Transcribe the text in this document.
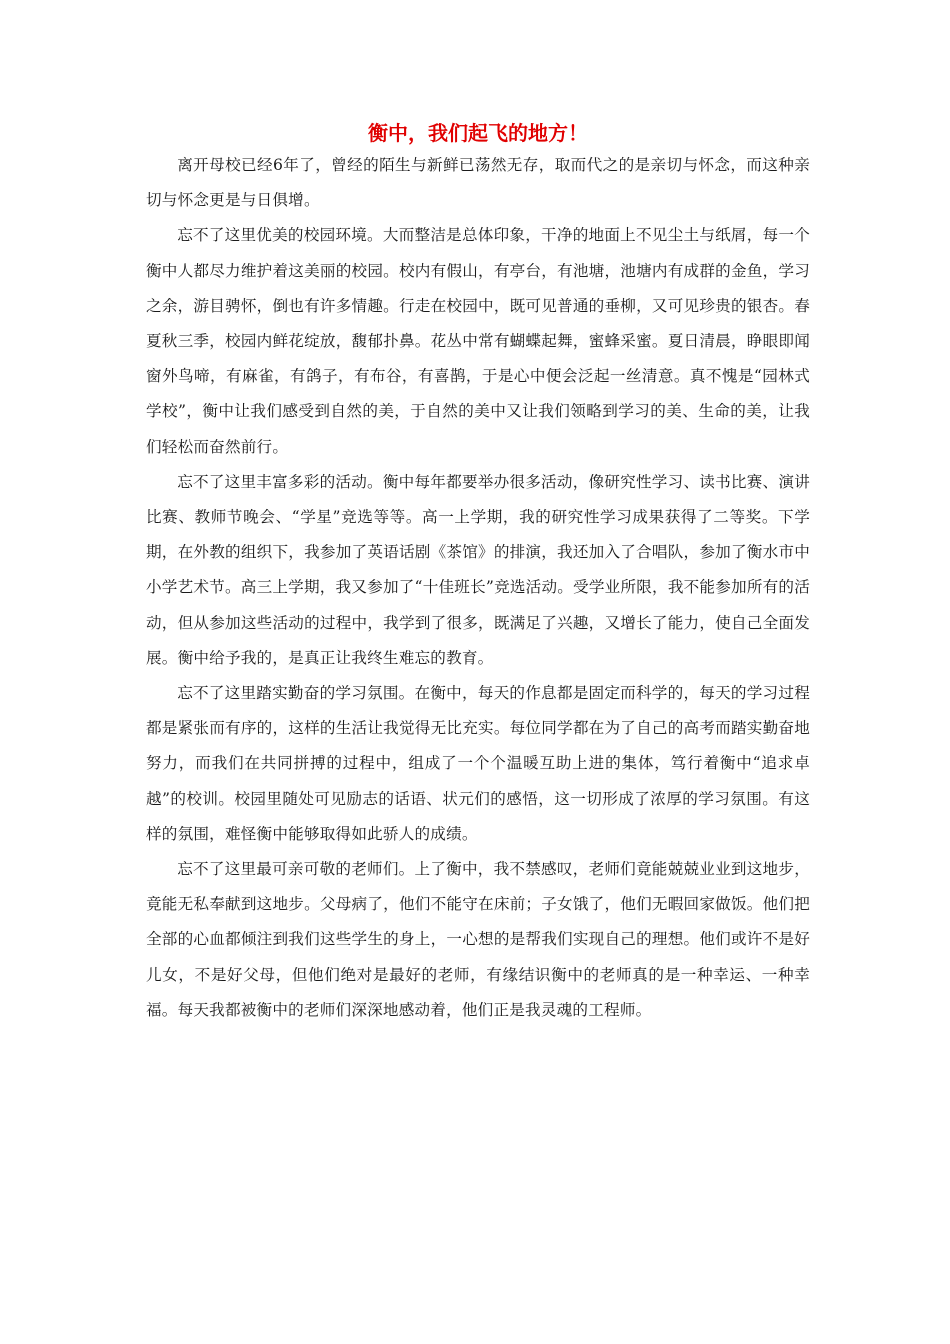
衡中，我们起飞的地方！

离开母校已经6年了，曾经的陌生与新鲜已荡然无存，取而代之的是亲切与怀念，而这种亲切与怀念更是与日俱增。

忘不了这里优美的校园环境。大而整洁是总体印象，干净的地面上不见尘土与纸屑，每一个衡中人都尽力维护着这美丽的校园。校内有假山，有亭台，有池塘，池塘内有成群的金鱼，学习之余，游目骋怀，倒也有许多情趣。行走在校园中，既可见普通的垂柳，又可见珍贵的银杏。春夏秋三季，校园内鲜花绽放，馥郁扑鼻。花丛中常有蝴蝶起舞，蜜蜂采蜜。夏日清晨，睁眼即闻窗外鸟啼，有麻雀，有鸽子，有布谷，有喜鹊，于是心中便会泛起一丝清意。真不愧是“园林式学校”，衡中让我们感受到自然的美，于自然的美中又让我们领略到学习的美、生命的美，让我们轻松而奋然前行。

忘不了这里丰富多彩的活动。衡中每年都要举办很多活动，像研究性学习、读书比赛、演讲比赛、教师节晚会、“学星”竞选等等。高一上学期，我的研究性学习成果获得了二等奖。下学期，在外教的组织下，我参加了英语话剧《茶馆》的排演，我还加入了合唱队，参加了衡水市中小学艺术节。高三上学期，我又参加了“十佳班长”竞选活动。受学业所限，我不能参加所有的活动，但从参加这些活动的过程中，我学到了很多，既满足了兴趣，又增长了能力，使自己全面发展。衡中给予我的，是真正让我终生难忘的教育。

忘不了这里踏实勤奋的学习氛围。在衡中，每天的作息都是固定而科学的，每天的学习过程都是紧张而有序的，这样的生活让我觉得无比充实。每位同学都在为了自己的高考而踏实勤奋地努力，而我们在共同拼搏的过程中，组成了一个个温暖互助上进的集体，笃行着衡中“追求卓越”的校训。校园里随处可见励志的话语、状元们的感悟，这一切形成了浓厚的学习氛围。有这样的氛围，难怪衡中能够取得如此骄人的成绩。

忘不了这里最可亲可敬的老师们。上了衡中，我不禁感叹，老师们竟能兢兢业业到这地步，竟能无私奉献到这地步。父母病了，他们不能守在床前；子女饿了，他们无暇回家做饭。他们把全部的心血都倾注到我们这些学生的身上，一心想的是帮我们实现自己的理想。他们或许不是好儿女，不是好父母，但他们绝对是最好的老师，有缘结识衡中的老师真的是一种幸运、一种幸福。每天我都被衡中的老师们深深地感动着，他们正是我灵魂的工程师。
